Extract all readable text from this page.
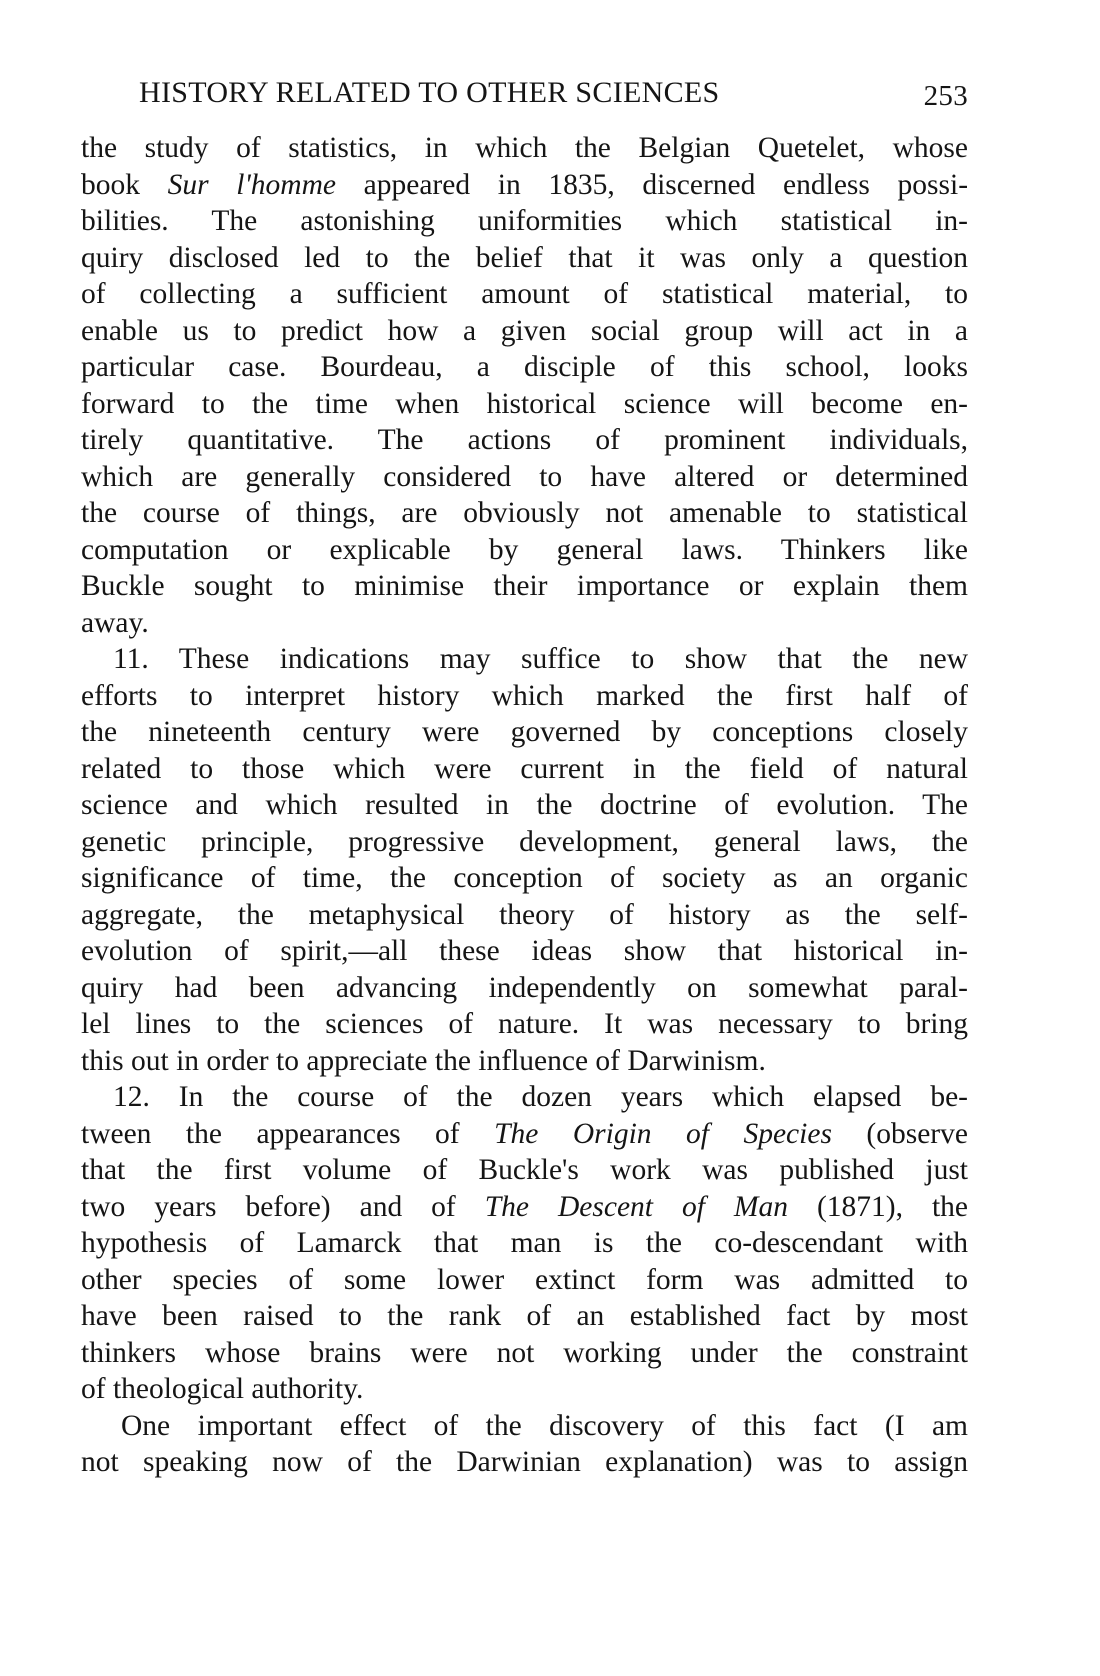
HISTORY RELATED TO OTHER SCIENCES	253
the study of statistics, in which the Belgian Quetelet, whose
book Sur l'homme appeared in 1835, discerned endless possi-
bilities. The astonishing uniformities which statistical in-
quiry disclosed led to the belief that it was only a question
of collecting a sufficient amount of statistical material, to
enable us to predict how a given social group will act in a
particular case. Bourdeau, a disciple of this school, looks
forward to the time when historical science will become en-
tirely quantitative. The actions of prominent individuals,
which are generally considered to have altered or determined
the course of things, are obviously not amenable to statistical
computation or explicable by general laws. Thinkers like
Buckle sought to minimise their importance or explain them
away.
11. These indications may suffice to show that the new
efforts to interpret history which marked the first half of
the nineteenth century were governed by conceptions closely
related to those which were current in the field of natural
science and which resulted in the doctrine of evolution. The
genetic principle, progressive development, general laws, the
significance of time, the conception of society as an organic
aggregate, the metaphysical theory of history as the self-
evolution of spirit,—all these ideas show that historical in-
quiry had been advancing independently on somewhat paral-
lel lines to the sciences of nature. It was necessary to bring
this out in order to appreciate the influence of Darwinism.
12. In the course of the dozen years which elapsed be-
tween the appearances of The Origin of Species (observe
that the first volume of Buckle's work was published just
two years before) and of The Descent of Man (1871), the
hypothesis of Lamarck that man is the co-descendant with
other species of some lower extinct form was admitted to
have been raised to the rank of an established fact by most
thinkers whose brains were not working under the constraint
of theological authority.
One important effect of the discovery of this fact (I am
not speaking now of the Darwinian explanation) was to assign
